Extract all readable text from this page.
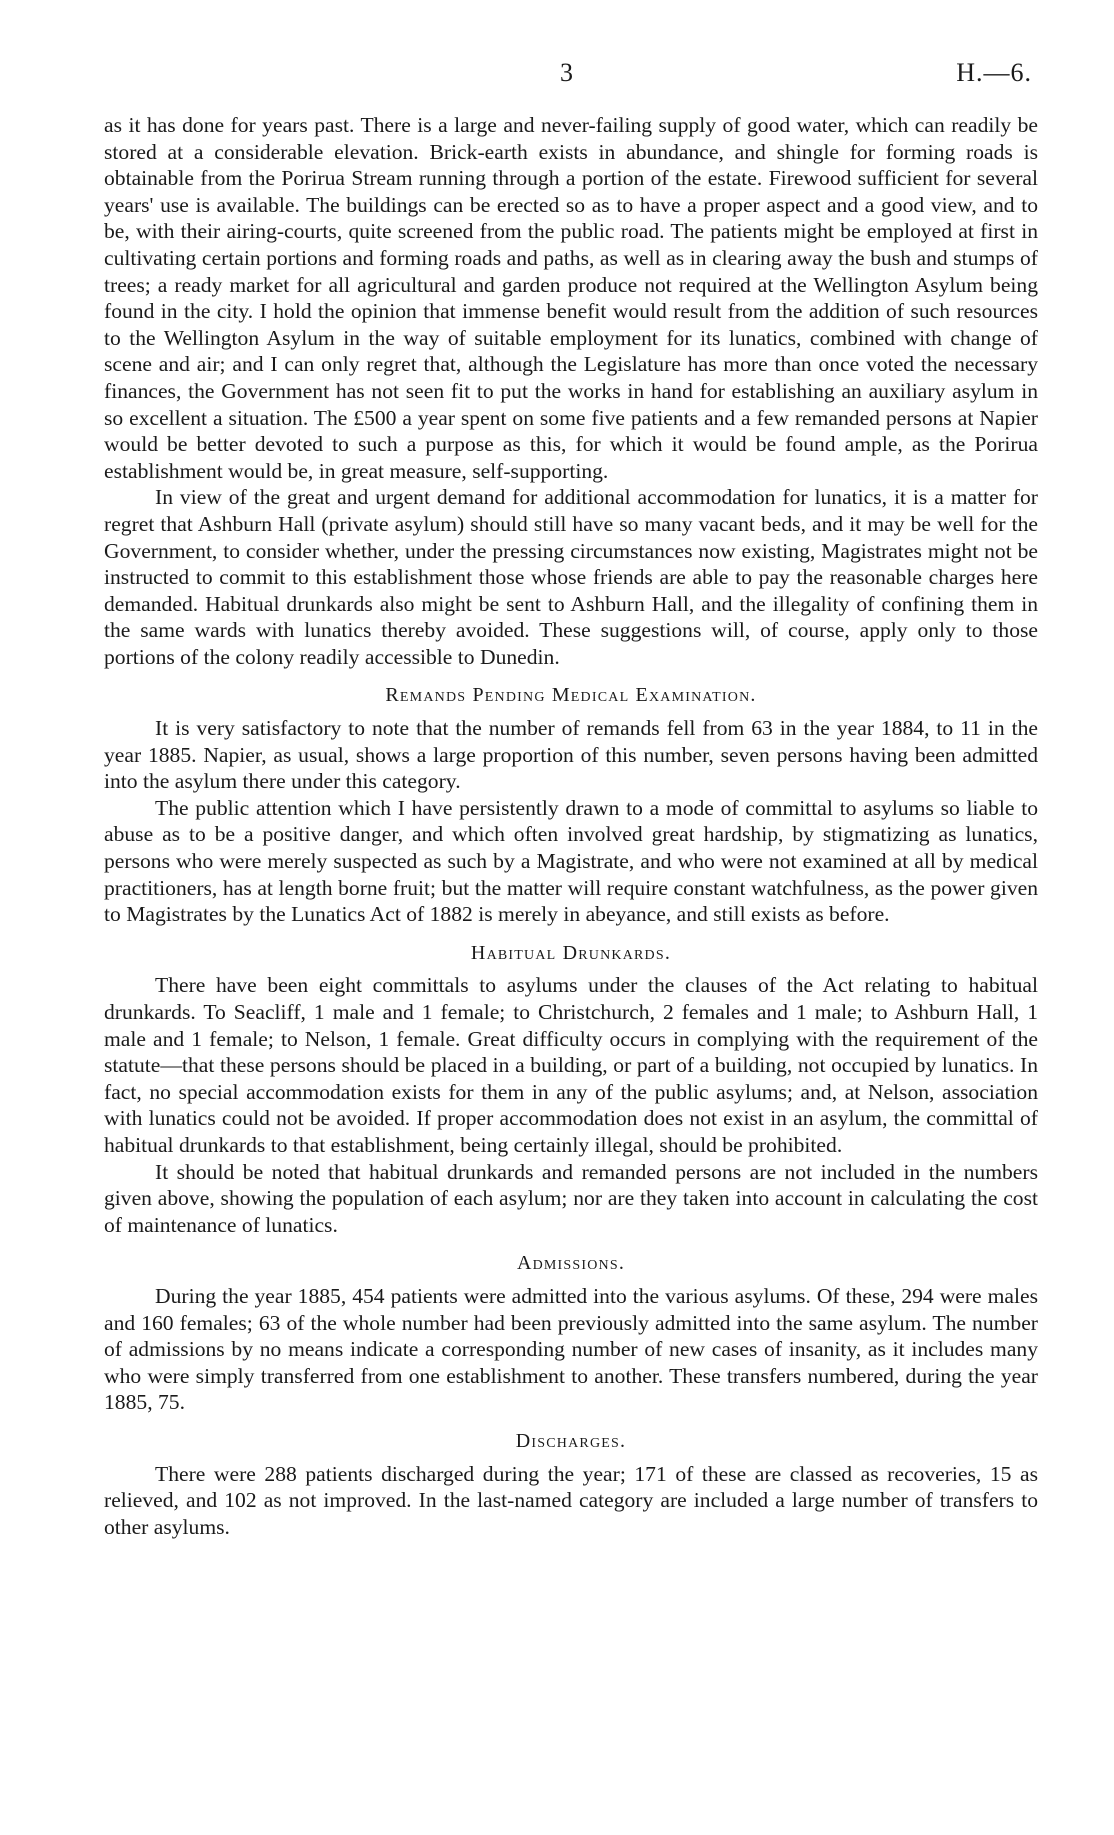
3	H.—6.

as it has done for years past. There is a large and never-failing supply of good water, which can readily be stored at a considerable elevation. Brick-earth exists in abundance, and shingle for forming roads is obtainable from the Porirua Stream running through a portion of the estate. Firewood sufficient for several years' use is available. The buildings can be erected so as to have a proper aspect and a good view, and to be, with their airing-courts, quite screened from the public road. The patients might be employed at first in cultivating certain portions and forming roads and paths, as well as in clearing away the bush and stumps of trees; a ready market for all agricultural and garden produce not required at the Wellington Asylum being found in the city. I hold the opinion that immense benefit would result from the addition of such resources to the Wellington Asylum in the way of suitable employment for its lunatics, combined with change of scene and air; and I can only regret that, although the Legislature has more than once voted the necessary finances, the Government has not seen fit to put the works in hand for establishing an auxiliary asylum in so excellent a situation. The £500 a year spent on some five patients and a few remanded persons at Napier would be better devoted to such a purpose as this, for which it would be found ample, as the Porirua establishment would be, in great measure, self-supporting.

In view of the great and urgent demand for additional accommodation for lunatics, it is a matter for regret that Ashburn Hall (private asylum) should still have so many vacant beds, and it may be well for the Government, to consider whether, under the pressing circumstances now existing, Magistrates might not be instructed to commit to this establishment those whose friends are able to pay the reasonable charges here demanded. Habitual drunkards also might be sent to Ashburn Hall, and the illegality of confining them in the same wards with lunatics thereby avoided. These suggestions will, of course, apply only to those portions of the colony readily accessible to Dunedin.

Remands Pending Medical Examination.

It is very satisfactory to note that the number of remands fell from 63 in the year 1884, to 11 in the year 1885. Napier, as usual, shows a large proportion of this number, seven persons having been admitted into the asylum there under this category.

The public attention which I have persistently drawn to a mode of committal to asylums so liable to abuse as to be a positive danger, and which often involved great hardship, by stigmatizing as lunatics, persons who were merely suspected as such by a Magistrate, and who were not examined at all by medical practitioners, has at length borne fruit; but the matter will require constant watchfulness, as the power given to Magistrates by the Lunatics Act of 1882 is merely in abeyance, and still exists as before.

Habitual Drunkards.

There have been eight committals to asylums under the clauses of the Act relating to habitual drunkards. To Seacliff, 1 male and 1 female; to Christchurch, 2 females and 1 male; to Ashburn Hall, 1 male and 1 female; to Nelson, 1 female. Great difficulty occurs in complying with the requirement of the statute—that these persons should be placed in a building, or part of a building, not occupied by lunatics. In fact, no special accommodation exists for them in any of the public asylums; and, at Nelson, association with lunatics could not be avoided. If proper accommodation does not exist in an asylum, the committal of habitual drunkards to that establishment, being certainly illegal, should be prohibited.

It should be noted that habitual drunkards and remanded persons are not included in the numbers given above, showing the population of each asylum; nor are they taken into account in calculating the cost of maintenance of lunatics.

Admissions.

During the year 1885, 454 patients were admitted into the various asylums. Of these, 294 were males and 160 females; 63 of the whole number had been previously admitted into the same asylum. The number of admissions by no means indicate a corresponding number of new cases of insanity, as it includes many who were simply transferred from one establishment to another. These transfers numbered, during the year 1885, 75.

Discharges.

There were 288 patients discharged during the year; 171 of these are classed as recoveries, 15 as relieved, and 102 as not improved. In the last-named category are included a large number of transfers to other asylums.
